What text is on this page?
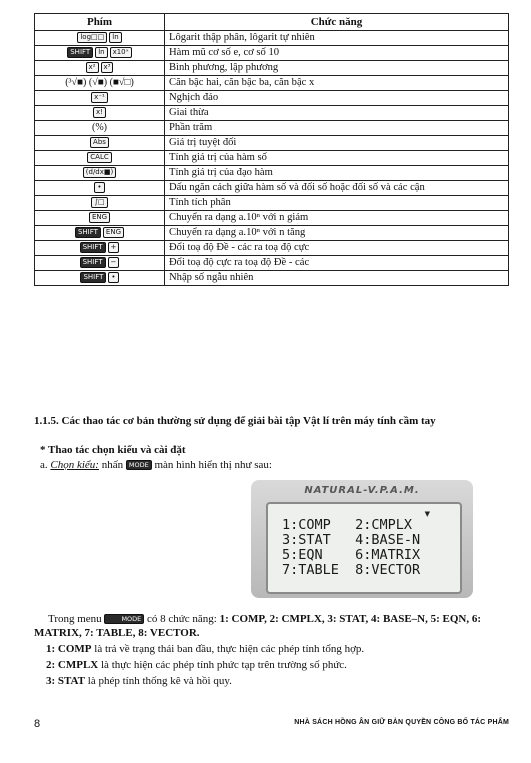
Phím	Chức năng
log□□ ln	Lôgarit thập phân, lôgarit tự nhiên
SHIFT ln x10ˣ	Hàm mũ cơ số e, cơ số 10
x² x³	Bình phương, lập phương
(³√■) (√■) (■√□)	Căn bậc hai, căn bậc ba, căn bậc x
x⁻¹	Nghịch đảo
x!	Giai thừa
(%)	Phần trăm
Abs	Giá trị tuyệt đối
CALC	Tính giá trị của hàm số
(d/dx■)	Tính giá trị của đạo hàm
•	Dấu ngăn cách giữa hàm số và đối số hoặc đối số và các cận
∫□	Tính tích phân
ENG	Chuyển ra dạng a.10ⁿ với n giảm
SHIFT ENG	Chuyển ra dạng a.10ⁿ với n tăng
SHIFT +	Đổi toạ độ Đề - các ra toạ độ cực
SHIFT −	Đổi toạ độ cực ra toạ độ Đề - các
SHIFT •	Nhập số ngẫu nhiên
1.1.5. Các thao tác cơ bản thường sử dụng để giải bài tập Vật lí trên máy tính cầm tay
* Thao tác chọn kiểu và cài đặt
a. Chọn kiểu: nhấn MODE màn hình hiển thị như sau:
NATURAL-V.P.A.M.
▼
1:COMP   2:CMPLX
3:STAT   4:BASE-N
5:EQN    6:MATRIX
7:TABLE  8:VECTOR
Trong menu	MODE có 8 chức năng: 1: COMP, 2: CMPLX, 3: STAT, 4: BASE–N, 5: EQN, 6: MATRIX, 7: TABLE, 8: VECTOR.
1: COMP là trả về trạng thái ban đầu, thực hiện các phép tính tổng hợp.
2: CMPLX là thực hiện các phép tính phức tạp trên trường số phức.
3: STAT là phép tính thống kê và hồi quy.
8	NHÀ SÁCH HỒNG ÂN GIỮ BẢN QUYỀN CÔNG BỐ TÁC PHẨM
